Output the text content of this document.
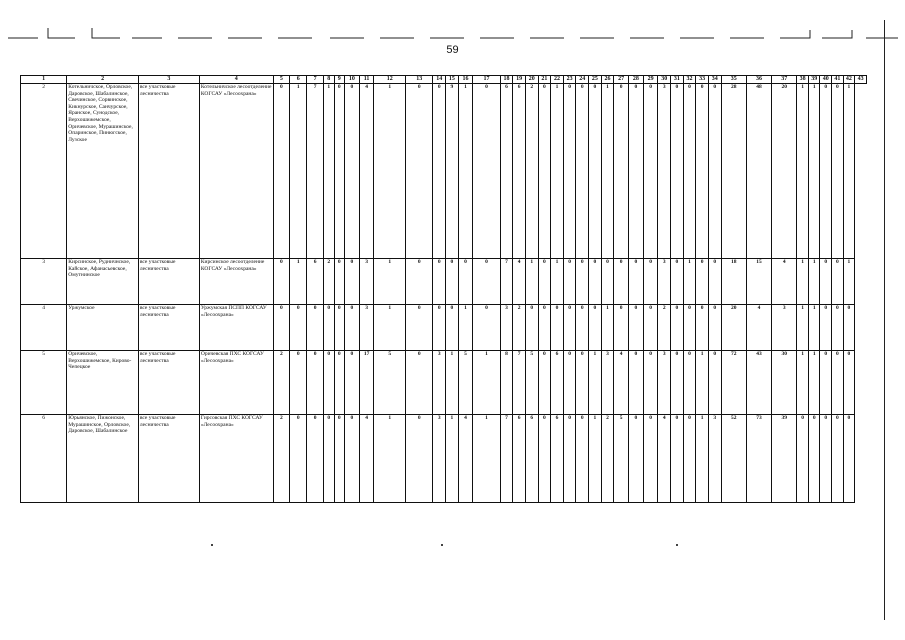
59
1	2	3	4	5	6	7	8	9	10	11	12	13	14	15	16	17	18	19	20	21	22	23	24	25	26	27	28	29	30	31	32	33	34	35	36	37	38	39	40	41	42	43
2	Котельничское, Орловское, Даровское, Шабалинское, Свечинское, Сорвинское, Кикнурское, Санчурское, Яранское, Сунодское, Верхошижемское, Оричевское, Мурашинское, Опаринское, Пинюгское, Лузское	все участковые лесничества	Котельничское лесоотделение КОГСАУ «Лесоохрана»	0	1	7	1	0	0	4	1	0	0	9	1	0	6	6	2	0	1	0	0	0	1	0	0	0	3	0	0	0	0	28	48	20	1	1	0	0	1	
3	Кирсинское, Рудничнское, Кайское, Афанасьевское, Омутнинское	все участковые лесничества	Кирсинское лесоотделение КОГСАУ «Лесоохрана»	0	1	6	2	0	0	3	1	0	0	0	0	0	7	4	1	0	1	0	0	0	0	0	0	0	3	0	1	0	0	18	15	4	1	1	0	0	1	
4	Уржумское	все участковые лесничества	Уржумская ПСПП КОГСАУ «Лесоохрана»	0	0	0	0	0	0	3	1	0	0	0	1	0	3	2	0	0	0	0	0	0	1	0	0	0	2	0	0	0	0	20	4	3	1	1	0	0	0	
5	Оричевское, Верхошижемское, Кирово-Чепецкое	все участковые лесничества	Оричевская ПХС КОГСАУ «Лесоохрана»	2	0	0	0	0	0	17	5	0	3	1	5	1	8	7	5	0	6	0	0	1	3	4	0	0	3	0	0	1	0	72	43	30	1	1	0	0	0	
6	Юрьянское, Пижонское, Мурашинское, Орловское, Даровское, Шабалинское	все участковые лесничества	Гирсовская ПХС КОГСАУ «Лесоохрана»	2	0	0	0	0	0	4	1	0	3	1	4	1	7	6	6	0	6	0	0	1	2	5	0	0	4	0	0	1	3	52	73	39	0	0	0	0	0	
